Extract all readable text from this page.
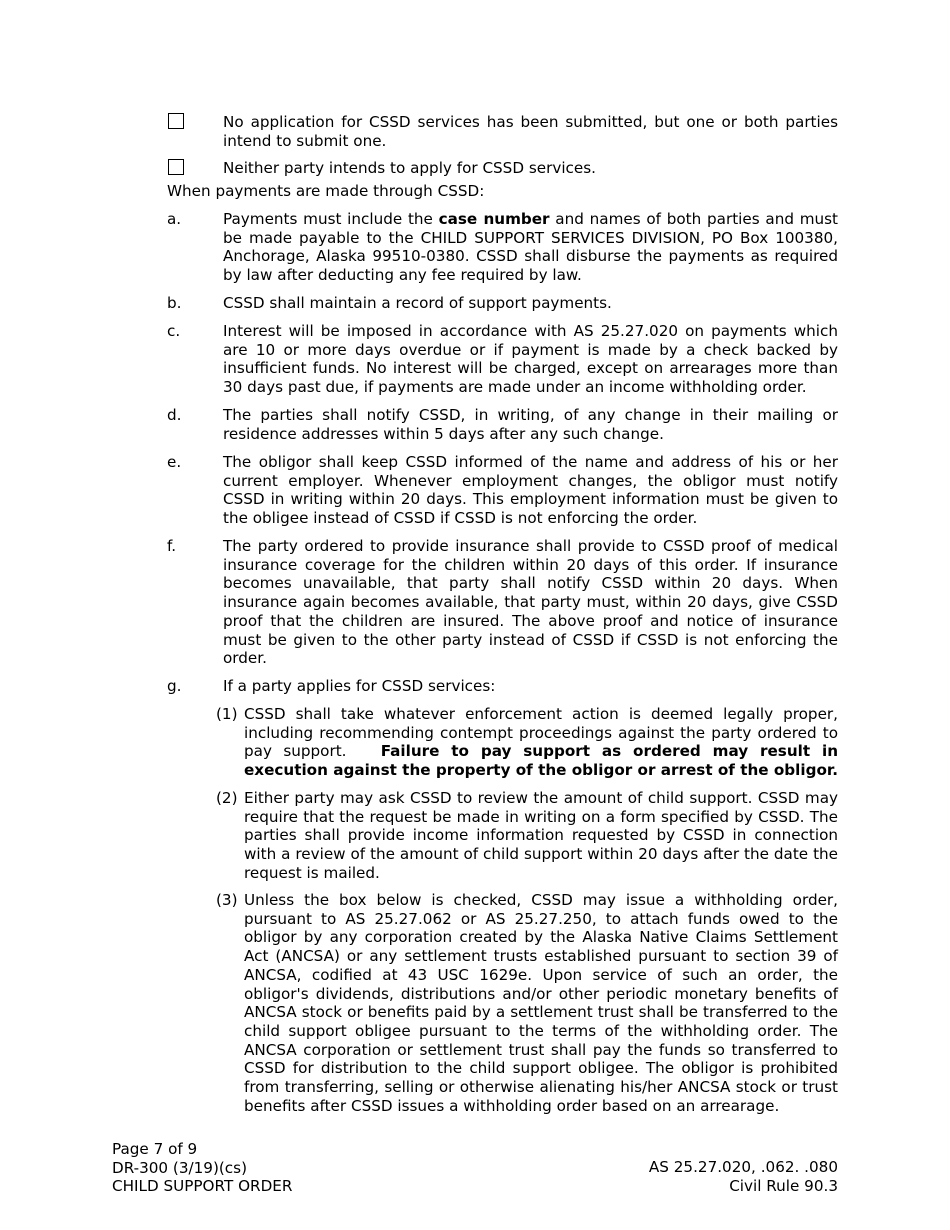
No application for CSSD services has been submitted, but one or both parties intend to submit one.
Neither party intends to apply for CSSD services.
When payments are made through CSSD:
a.	Payments must include the case number and names of both parties and must be made payable to the CHILD SUPPORT SERVICES DIVISION, PO Box 100380, Anchorage, Alaska 99510-0380. CSSD shall disburse the payments as required by law after deducting any fee required by law.
b.	CSSD shall maintain a record of support payments.
c.	Interest will be imposed in accordance with AS 25.27.020 on payments which are 10 or more days overdue or if payment is made by a check backed by insufficient funds. No interest will be charged, except on arrearages more than 30 days past due, if payments are made under an income withholding order.
d.	The parties shall notify CSSD, in writing, of any change in their mailing or residence addresses within 5 days after any such change.
e.	The obligor shall keep CSSD informed of the name and address of his or her current employer. Whenever employment changes, the obligor must notify CSSD in writing within 20 days. This employment information must be given to the obligee instead of CSSD if CSSD is not enforcing the order.
f.	The party ordered to provide insurance shall provide to CSSD proof of medical insurance coverage for the children within 20 days of this order. If insurance becomes unavailable, that party shall notify CSSD within 20 days. When insurance again becomes available, that party must, within 20 days, give CSSD proof that the children are insured. The above proof and notice of insurance must be given to the other party instead of CSSD if CSSD is not enforcing the order.
g.	If a party applies for CSSD services:
(1) CSSD shall take whatever enforcement action is deemed legally proper, including recommending contempt proceedings against the party ordered to pay support. Failure to pay support as ordered may result in execution against the property of the obligor or arrest of the obligor.
(2) Either party may ask CSSD to review the amount of child support. CSSD may require that the request be made in writing on a form specified by CSSD. The parties shall provide income information requested by CSSD in connection with a review of the amount of child support within 20 days after the date the request is mailed.
(3) Unless the box below is checked, CSSD may issue a withholding order, pursuant to AS 25.27.062 or AS 25.27.250, to attach funds owed to the obligor by any corporation created by the Alaska Native Claims Settlement Act (ANCSA) or any settlement trusts established pursuant to section 39 of ANCSA, codified at 43 USC 1629e. Upon service of such an order, the obligor's dividends, distributions and/or other periodic monetary benefits of ANCSA stock or benefits paid by a settlement trust shall be transferred to the child support obligee pursuant to the terms of the withholding order. The ANCSA corporation or settlement trust shall pay the funds so transferred to CSSD for distribution to the child support obligee. The obligor is prohibited from transferring, selling or otherwise alienating his/her ANCSA stock or trust benefits after CSSD issues a withholding order based on an arrearage.
Page 7 of 9
DR-300 (3/19)(cs)
CHILD SUPPORT ORDER
AS 25.27.020, .062. .080
Civil Rule 90.3
